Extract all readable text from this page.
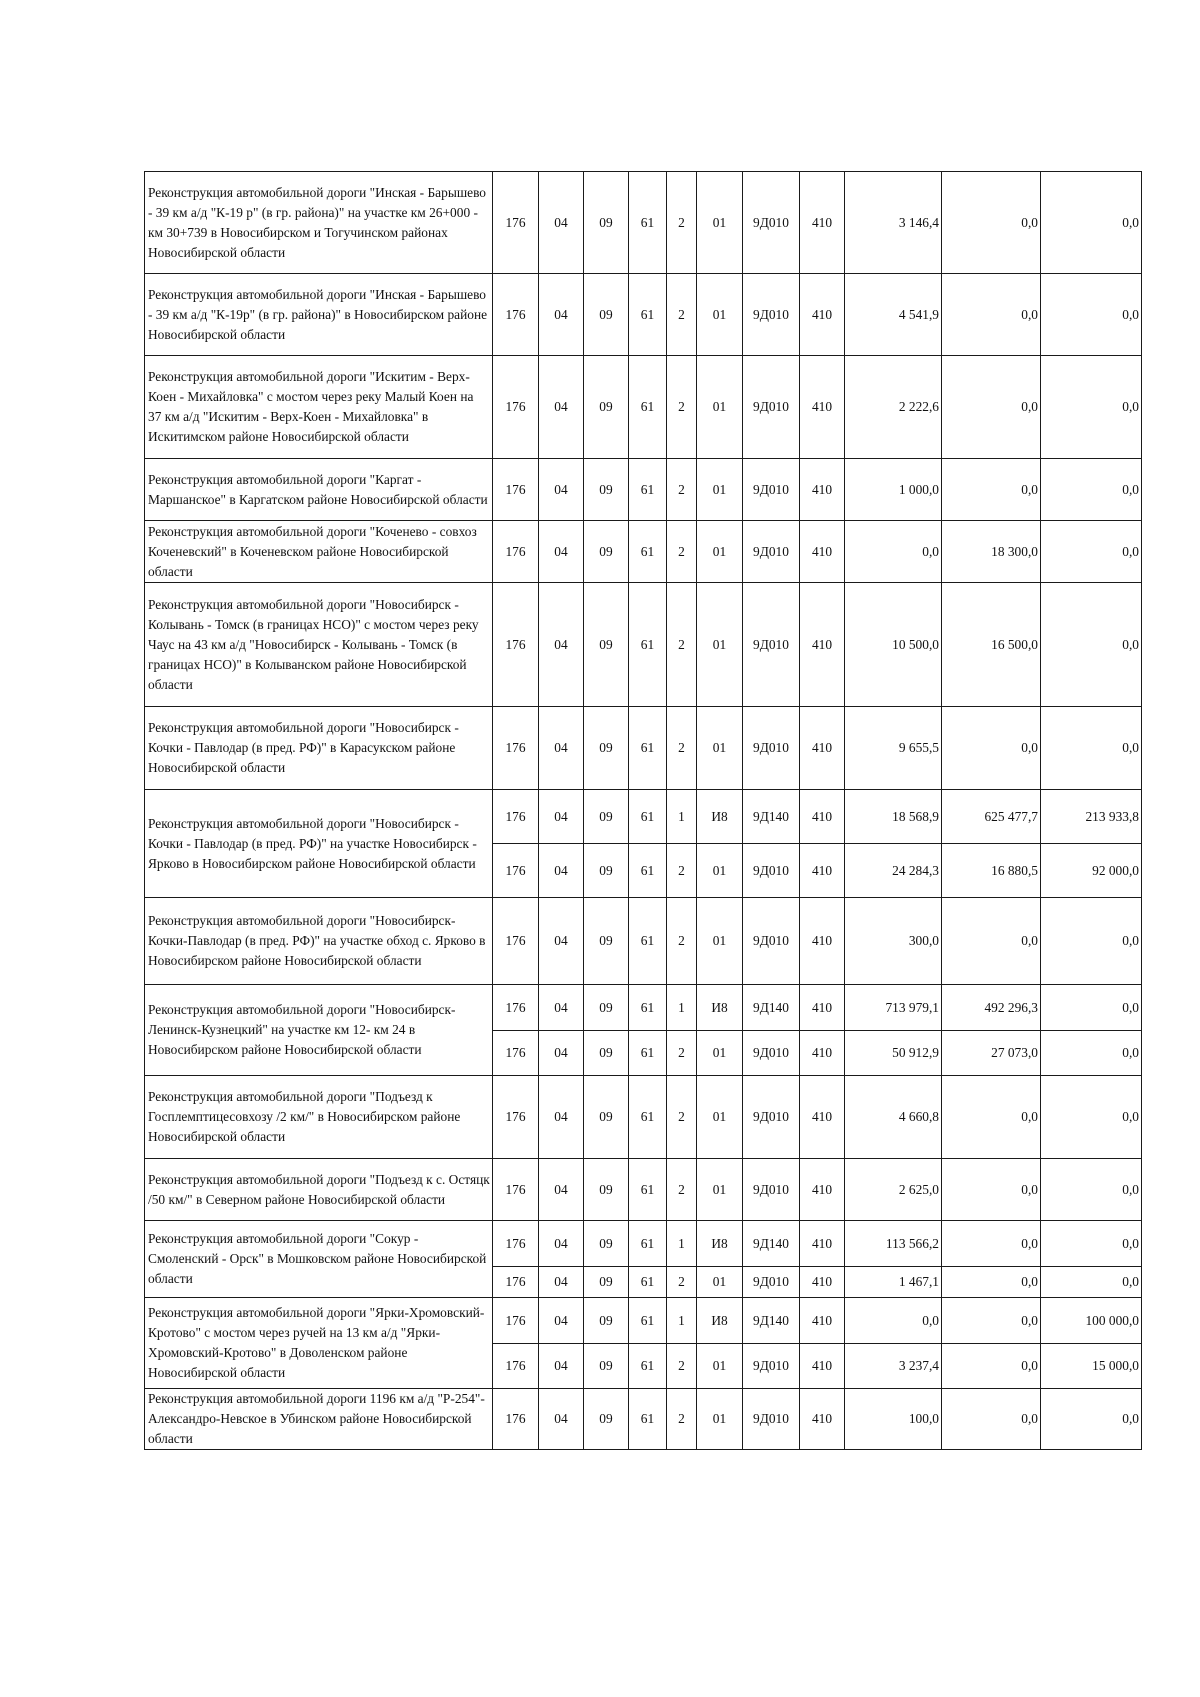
Реконструкция автомобильной дороги "Инская - Барышево - 39 км а/д "К-19 р" (в гр. района)" на участке км 26+000 - км 30+739 в Новосибирском и Тогучинском районах Новосибирской области	176	04	09	61	2	01	9Д010	410	3 146,4	0,0	0,0
Реконструкция автомобильной дороги "Инская - Барышево - 39 км а/д "К-19р" (в гр. района)" в Новосибирском районе Новосибирской области	176	04	09	61	2	01	9Д010	410	4 541,9	0,0	0,0
Реконструкция автомобильной дороги "Искитим - Верх-Коен - Михайловка" с мостом через реку Малый Коен на 37 км а/д "Искитим - Верх-Коен - Михайловка" в Искитимском районе Новосибирской области	176	04	09	61	2	01	9Д010	410	2 222,6	0,0	0,0
Реконструкция автомобильной дороги "Каргат - Маршанское" в Каргатском районе Новосибирской области	176	04	09	61	2	01	9Д010	410	1 000,0	0,0	0,0
Реконструкция автомобильной дороги "Коченево - совхоз Коченевский" в Коченевском районе Новосибирской области	176	04	09	61	2	01	9Д010	410	0,0	18 300,0	0,0
Реконструкция автомобильной дороги "Новосибирск - Колывань - Томск (в границах НСО)" с мостом через реку Чаус на 43 км а/д "Новосибирск - Колывань - Томск (в границах НСО)" в Колыванском районе Новосибирской области	176	04	09	61	2	01	9Д010	410	10 500,0	16 500,0	0,0
Реконструкция автомобильной дороги "Новосибирск - Кочки - Павлодар (в пред. РФ)" в Карасукском районе Новосибирской области	176	04	09	61	2	01	9Д010	410	9 655,5	0,0	0,0
Реконструкция автомобильной дороги "Новосибирск - Кочки - Павлодар (в пред. РФ)" на участке Новосибирск - Ярково в Новосибирском районе Новосибирской области	176	04	09	61	1	И8	9Д140	410	18 568,9	625 477,7	213 933,8
	176	04	09	61	2	01	9Д010	410	24 284,3	16 880,5	92 000,0
Реконструкция автомобильной дороги "Новосибирск-Кочки-Павлодар (в пред. РФ)" на участке обход с. Ярково в Новосибирском районе Новосибирской области	176	04	09	61	2	01	9Д010	410	300,0	0,0	0,0
Реконструкция автомобильной дороги "Новосибирск-Ленинск-Кузнецкий" на участке км 12- км 24 в Новосибирском районе Новосибирской области	176	04	09	61	1	И8	9Д140	410	713 979,1	492 296,3	0,0
	176	04	09	61	2	01	9Д010	410	50 912,9	27 073,0	0,0
Реконструкция автомобильной дороги "Подъезд к Госплемптицесовхозу /2 км/" в Новосибирском районе Новосибирской области	176	04	09	61	2	01	9Д010	410	4 660,8	0,0	0,0
Реконструкция автомобильной дороги "Подъезд к с. Остяцк /50 км/" в Северном районе Новосибирской области	176	04	09	61	2	01	9Д010	410	2 625,0	0,0	0,0
Реконструкция автомобильной дороги "Сокур - Смоленский - Орск" в Мошковском районе Новосибирской области	176	04	09	61	1	И8	9Д140	410	113 566,2	0,0	0,0
	176	04	09	61	2	01	9Д010	410	1 467,1	0,0	0,0
Реконструкция автомобильной дороги "Ярки-Хромовский-Кротово" с мостом через ручей на 13 км а/д "Ярки-Хромовский-Кротово" в Доволенском районе Новосибирской области	176	04	09	61	1	И8	9Д140	410	0,0	0,0	100 000,0
	176	04	09	61	2	01	9Д010	410	3 237,4	0,0	15 000,0
Реконструкция автомобильной дороги 1196 км а/д "Р-254"- Александро-Невское в Убинском районе Новосибирской области	176	04	09	61	2	01	9Д010	410	100,0	0,0	0,0
